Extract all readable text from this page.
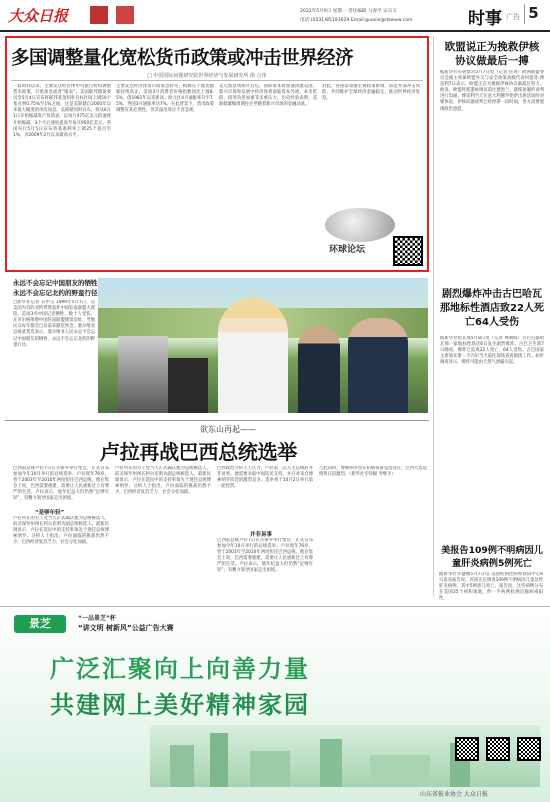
大众日报	2022年5月9日 星期一 责任编辑 马春学 宋宗义
电话:(0531)85193629 Email:guoxie@dzwww.com	时事 广告 5
多国调整量化宽松货币政策或冲击世界经济
□ 中国国际问题研究院世界经济与发展研究所 徐 言伟
一段时间以来，主要发达经济体中央银行纷纷调整货币政策，开始加息或者“缩表”。美国联邦储备委员会5月4日宣布将联邦基金利率目标区间上调50个基点到0.75%至1%之间，这是美联储自2000年以来最大幅度的单次加息。美联储同时宣布，将从6月1日开始缩减资产负债表，以每月475亿美元的速度开始缩减，3个月后速度提高至每月950亿美元。英国央行5月5日宣布将基准利率上调25个基点至1%，为2009年2月以来最高水平。
主要发达经济体货币政策急转弯，根源在于通货膨胀持续高企。美国3月消费者价格指数同比上涨8.5%，创1981年以来新高；欧元区4月通胀率升至7.5%，英国3月通胀率达7%。在此背景下，货币政策调整有其必然性，但其溢出效应不容忽视。
美元加息周期开启后，国际资本将加速回流美国，新兴市场和发展中经济体将面临资本外流、本币贬值、债务负担加重等多重压力。历史经验表明，美联储紧缩周期往往伴随着新兴市场的金融动荡。
对此，各国需加强宏观政策协调，防范外部冲击风险，共同维护全球经济金融稳定，推动世界经济复苏。
环球论坛
欧盟说正为挽救伊核协议做最后一搏
据新华社布鲁塞尔5月7日电（记者 任珂）欧洲联盟委员会副主席兼欧盟外交与安全政策高级代表何塞普·博雷利7日表示，欧盟正在为挽救伊核协议做最后努力。他说，欧盟将派遣协调员前往德黑兰，就恢复履约谈判进行沟通。博雷利当天在意大利佛罗伦萨出席活动时对媒体说，伊核问题谈判已经停滞一段时间，各方需要展现政治意愿。
剧烈爆炸冲击古巴哈瓦那地标性酒店致22人死亡64人受伤
据新华社哈瓦那5月8日电（记者 林朝晖）古巴首都哈瓦那一家地标性酒店6日发生剧烈爆炸。古巴卫生部7日晚说，爆炸已造成22人死亡、64人受伤。古巴国家主席迪亚斯－卡内尔当天前往现场查看救援工作。初步调查显示，爆炸可能由天然气泄漏引起。
美报告109例不明病因儿童肝炎病例5例死亡
据新华社华盛顿5月7日电 美国疾病控制和预防中心6日发布报告说，该国正在调查109例不明病因儿童急性肝炎病例，其中5例患儿死亡。报告说，这些病例分布在美国25个州和领地，约一半病例检测出腺病毒阳性。
永远不会忘记中国朋友的牺牲
永远不会忘记北约的野蛮行径
□新华社记者 石中玉 1999年5月7日，以美国为首的北约悍然轰炸中国驻南联盟大使馆，造成3名中国记者牺牲、数十人受伤。在贝尔格莱德中国驻南联盟使馆旧址，当地民众每年都会自发前来献花悼念。塞尔维亚总统武契奇表示，塞尔维亚人民永远不会忘记中国朋友的牺牲，永远不会忘记北约的野蛮行径。
欲东山再起——
卢拉再战巴西总统选举
巴西前总统卢拉7日在圣保罗举行集会，正式宣布参加今年10月举行的总统选举。卢拉现年76岁，曾于2003年至2010年两度担任巴西总统。他在集会上说，巴西需要重建，需要让人民重新过上有尊严的生活。卢拉表示，他年纪虽大但仍然“足够年轻”，有精力领导国家走出困境。
“是够年轻”
卢拉所在的劳工党当天正式确认他为总统候选人，前圣保罗州州长阿尔克明为副总统候选人。最新民调显示，卢拉在选民中的支持率领先于现任总统博索纳罗。分析人士指出，卢拉面临的挑战仍然不少，巴西经济复苏乏力、社会分化加剧。
卢拉所在的劳工党当天正式确认他为总统候选人，前圣保罗州州长阿尔克明为副总统候选人。最新民调显示，卢拉在选民中的支持率领先于现任总统博索纳罗。分析人士指出，卢拉面临的挑战仍然不少，巴西经济复苏乏力、社会分化加剧。
巴西政治分析人士认为，卢拉第三次入主总统府并非易事。他需要争取中间选民支持，并应对来自博索纳罗阵营的激烈竞争。选举将于10月2日举行第一轮投票。
并非易事
巴西前总统卢拉7日在圣保罗举行集会，正式宣布参加今年10月举行的总统选举。卢拉现年76岁，曾于2003年至2010年两度担任巴西总统。他在集会上说，巴西需要重建，需要让人民重新过上有尊严的生活。卢拉表示，他年纪虽大但仍然“足够年轻”，有精力领导国家走出困境。
与此同时，博索纳罗也在积极筹备竞选连任，巴西大选选情将日趋激烈。（新华社专特稿 寿继羊）
景芝	“一品景芝”杯
“讲文明 树新风”公益广告大赛
广泛汇聚向上向善力量
共建网上美好精神家园
山东省报业协会 大众日报
